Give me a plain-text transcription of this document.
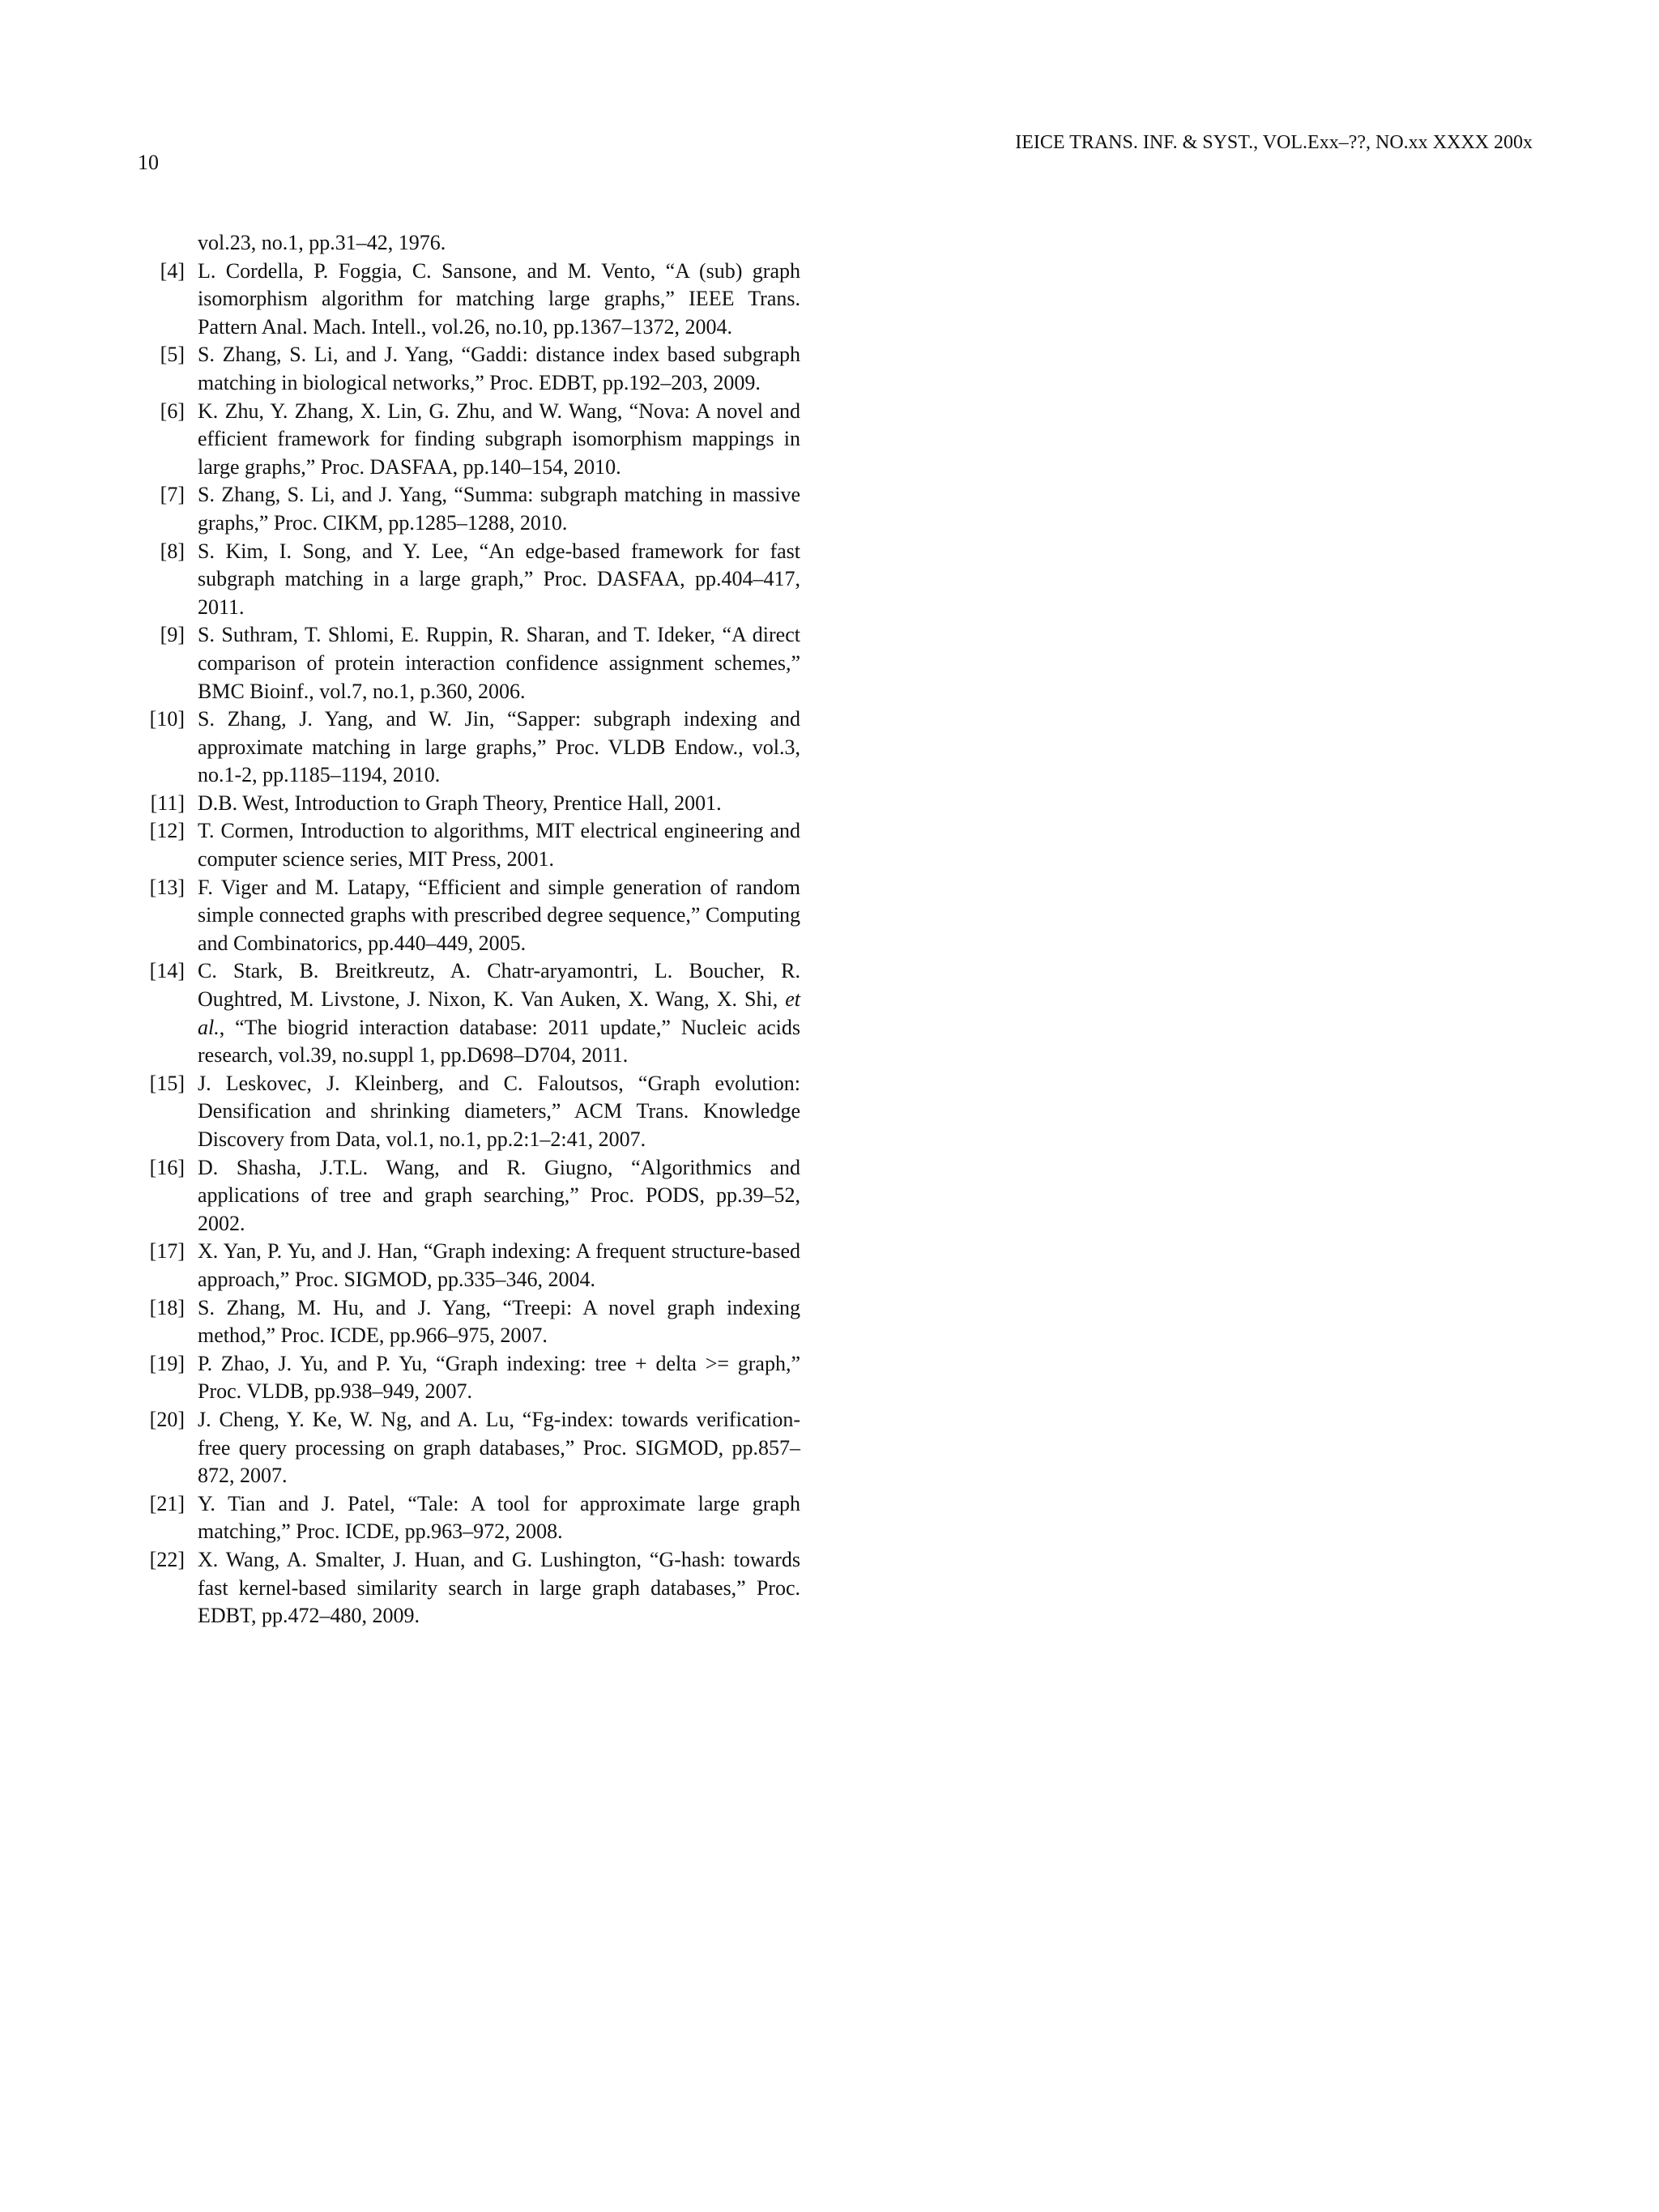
10
IEICE TRANS. INF. & SYST., VOL.Exx–??, NO.xx XXXX 200x
vol.23, no.1, pp.31–42, 1976.
[4] L. Cordella, P. Foggia, C. Sansone, and M. Vento, “A (sub) graph isomorphism algorithm for matching large graphs,” IEEE Trans. Pattern Anal. Mach. Intell., vol.26, no.10, pp.1367–1372, 2004.
[5] S. Zhang, S. Li, and J. Yang, “Gaddi: distance index based subgraph matching in biological networks,” Proc. EDBT, pp.192–203, 2009.
[6] K. Zhu, Y. Zhang, X. Lin, G. Zhu, and W. Wang, “Nova: A novel and efficient framework for finding subgraph isomorphism mappings in large graphs,” Proc. DASFAA, pp.140–154, 2010.
[7] S. Zhang, S. Li, and J. Yang, “Summa: subgraph matching in massive graphs,” Proc. CIKM, pp.1285–1288, 2010.
[8] S. Kim, I. Song, and Y. Lee, “An edge-based framework for fast subgraph matching in a large graph,” Proc. DASFAA, pp.404–417, 2011.
[9] S. Suthram, T. Shlomi, E. Ruppin, R. Sharan, and T. Ideker, “A direct comparison of protein interaction confidence assignment schemes,” BMC Bioinf., vol.7, no.1, p.360, 2006.
[10] S. Zhang, J. Yang, and W. Jin, “Sapper: subgraph indexing and approximate matching in large graphs,” Proc. VLDB Endow., vol.3, no.1-2, pp.1185–1194, 2010.
[11] D.B. West, Introduction to Graph Theory, Prentice Hall, 2001.
[12] T. Cormen, Introduction to algorithms, MIT electrical engineering and computer science series, MIT Press, 2001.
[13] F. Viger and M. Latapy, “Efficient and simple generation of random simple connected graphs with prescribed degree sequence,” Computing and Combinatorics, pp.440–449, 2005.
[14] C. Stark, B. Breitkreutz, A. Chatr-aryamontri, L. Boucher, R. Oughtred, M. Livstone, J. Nixon, K. Van Auken, X. Wang, X. Shi, et al., “The biogrid interaction database: 2011 update,” Nucleic acids research, vol.39, no.suppl 1, pp.D698–D704, 2011.
[15] J. Leskovec, J. Kleinberg, and C. Faloutsos, “Graph evolution: Densification and shrinking diameters,” ACM Trans. Knowledge Discovery from Data, vol.1, no.1, pp.2:1–2:41, 2007.
[16] D. Shasha, J.T.L. Wang, and R. Giugno, “Algorithmics and applications of tree and graph searching,” Proc. PODS, pp.39–52, 2002.
[17] X. Yan, P. Yu, and J. Han, “Graph indexing: A frequent structure-based approach,” Proc. SIGMOD, pp.335–346, 2004.
[18] S. Zhang, M. Hu, and J. Yang, “Treepi: A novel graph indexing method,” Proc. ICDE, pp.966–975, 2007.
[19] P. Zhao, J. Yu, and P. Yu, “Graph indexing: tree + delta >= graph,” Proc. VLDB, pp.938–949, 2007.
[20] J. Cheng, Y. Ke, W. Ng, and A. Lu, “Fg-index: towards verification-free query processing on graph databases,” Proc. SIGMOD, pp.857–872, 2007.
[21] Y. Tian and J. Patel, “Tale: A tool for approximate large graph matching,” Proc. ICDE, pp.963–972, 2008.
[22] X. Wang, A. Smalter, J. Huan, and G. Lushington, “G-hash: towards fast kernel-based similarity search in large graph databases,” Proc. EDBT, pp.472–480, 2009.
